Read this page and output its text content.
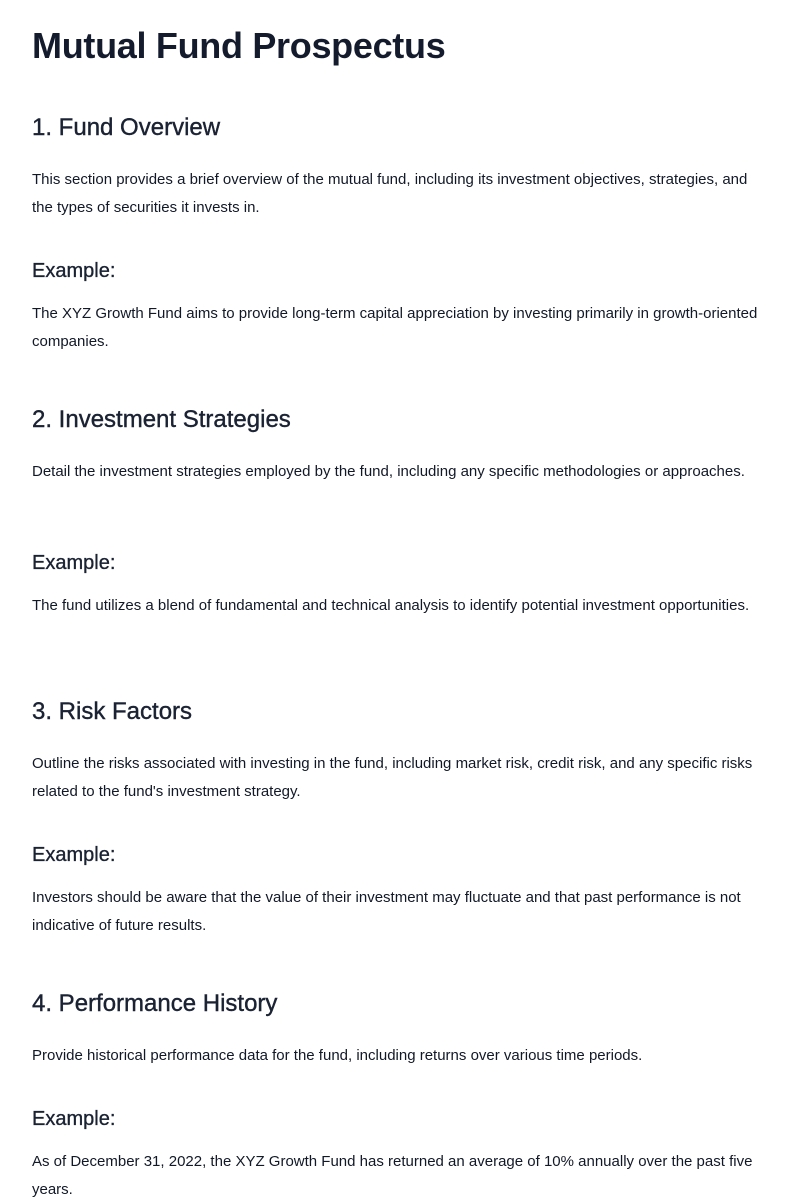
Mutual Fund Prospectus
1. Fund Overview

This section provides a brief overview of the mutual fund, including its investment objectives, strategies, and the types of securities it invests in.

Example:

The XYZ Growth Fund aims to provide long-term capital appreciation by investing primarily in growth-oriented companies.

2. Investment Strategies

Detail the investment strategies employed by the fund, including any specific methodologies or approaches.

Example:

The fund utilizes a blend of fundamental and technical analysis to identify potential investment opportunities.

3. Risk Factors

Outline the risks associated with investing in the fund, including market risk, credit risk, and any specific risks related to the fund's investment strategy.

Example:

Investors should be aware that the value of their investment may fluctuate and that past performance is not indicative of future results.

4. Performance History

Provide historical performance data for the fund, including returns over various time periods.

Example:

As of December 31, 2022, the XYZ Growth Fund has returned an average of 10% annually over the past five years.
